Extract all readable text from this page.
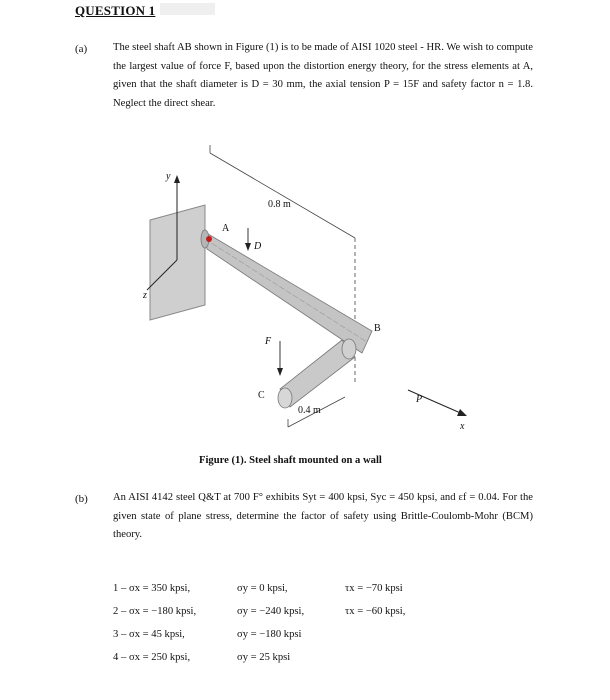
QUESTION 1
(a) The steel shaft AB shown in Figure (1) is to be made of AISI 1020 steel - HR. We wish to compute the largest value of force F, based upon the distortion energy theory, for the stress elements at A, given that the shaft diameter is D = 30 mm, the axial tension P = 15F and safety factor n = 1.8. Neglect the direct shear.
y
z
x
0.8 m
F
D
0.4 m
A
B
C	P
Figure (1). Steel shaft mounted on a wall
(b) An AISI 4142 steel Q&T at 700 F° exhibits Syt = 400 kpsi, Syc = 450 kpsi, and εf = 0.04. For the given state of plane stress, determine the factor of safety using Brittle-Coulomb-Mohr (BCM) theory.
1 – σx = 350 kpsi,	σy = 0 kpsi,	τx = −70 kpsi
2 – σx = −180 kpsi,	σy = −240 kpsi,	τx = −60 kpsi,
3 – σx = 45 kpsi,	σy = −180 kpsi
4 – σx = 250 kpsi,	σy = 25 kpsi
